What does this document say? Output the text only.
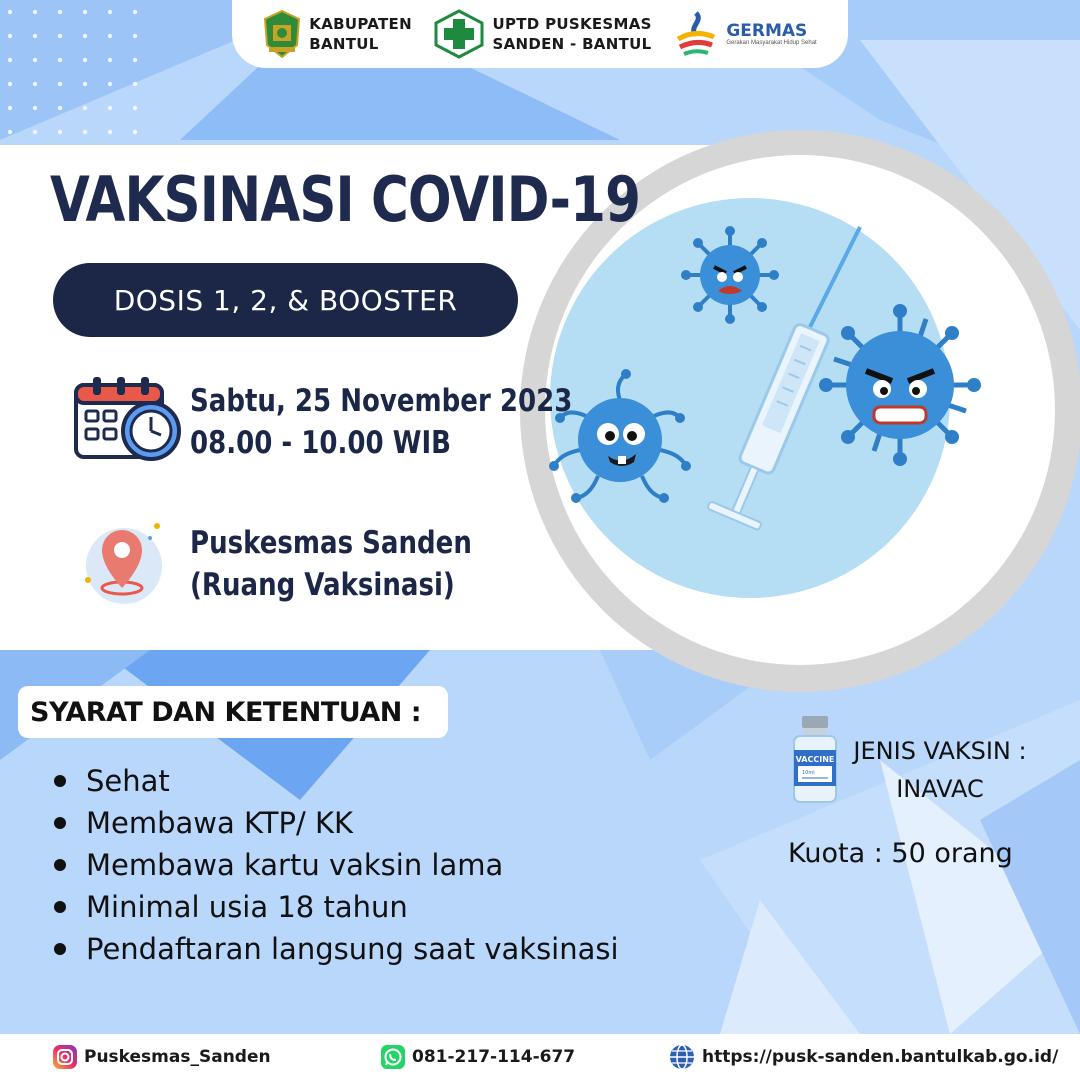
KABUPATEN
BANTUL
UPTD PUSKESMAS
SANDEN - BANTUL
GERMAS
Gerakan Masyarakat Hidup Sehat
VAKSINASI COVID-19
DOSIS 1, 2, & BOOSTER
Sabtu, 25 November 2023
08.00 - 10.00 WIB
Puskesmas Sanden
(Ruang Vaksinasi)
SYARAT DAN KETENTUAN :
Sehat
Membawa KTP/ KK
Membawa kartu vaksin lama
Minimal usia 18 tahun
Pendaftaran langsung saat vaksinasi
VACCINE
10ml
JENIS VAKSIN :
INAVAC
Kuota : 50 orang
Puskesmas_Sanden	081-217-114-677	https://pusk-sanden.bantulkab.go.id/
